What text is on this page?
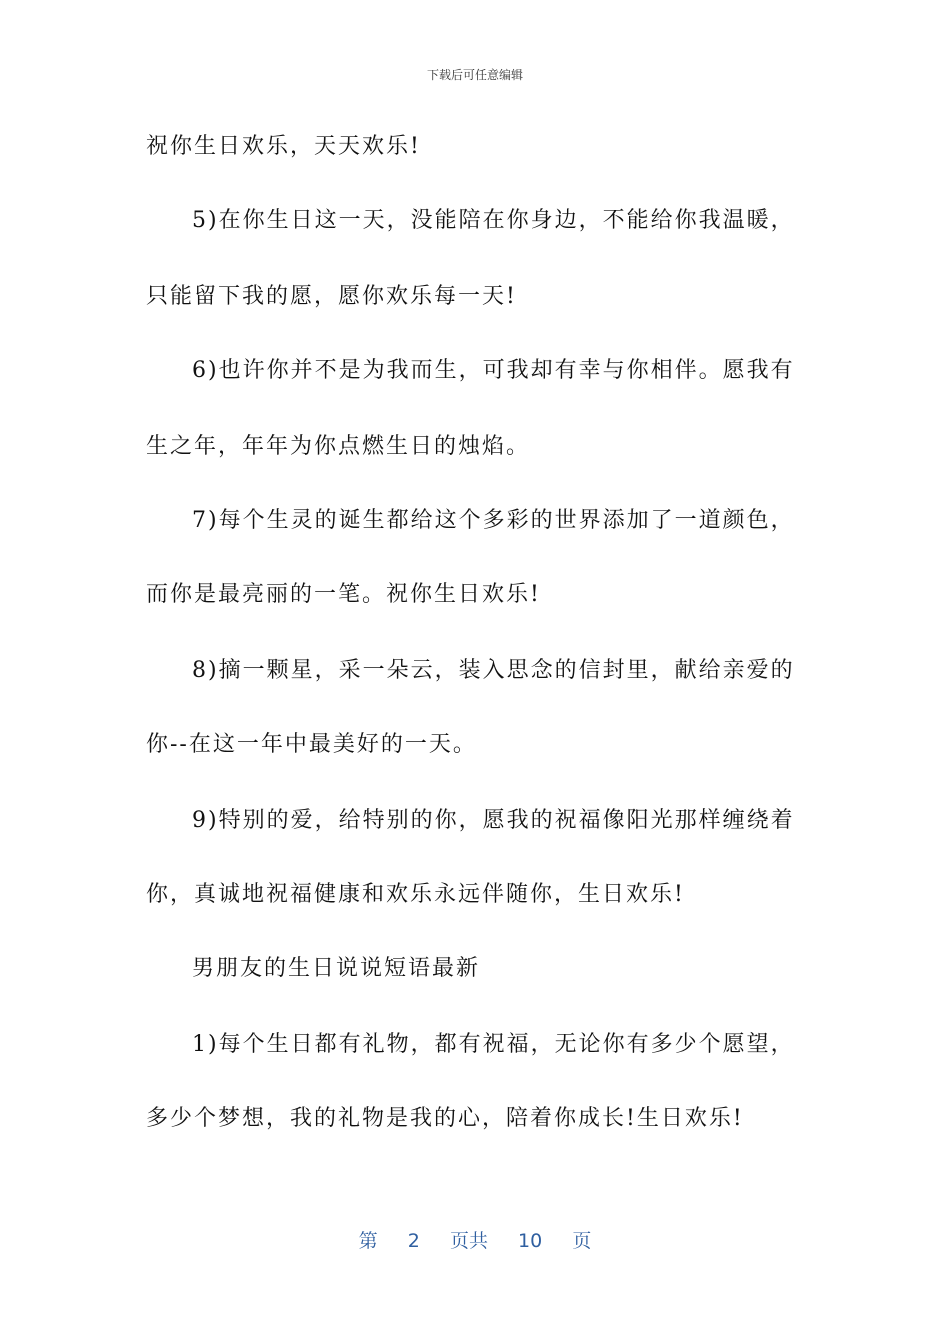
下载后可任意编辑
祝你生日欢乐，天天欢乐!
5)在你生日这一天，没能陪在你身边，不能给你我温暖，
只能留下我的愿，愿你欢乐每一天!
6)也许你并不是为我而生，可我却有幸与你相伴。愿我有
生之年，年年为你点燃生日的烛焰。
7)每个生灵的诞生都给这个多彩的世界添加了一道颜色，
而你是最亮丽的一笔。祝你生日欢乐!
8)摘一颗星，采一朵云，装入思念的信封里，献给亲爱的
你--在这一年中最美好的一天。
9)特别的爱，给特别的你，愿我的祝福像阳光那样缠绕着
你，真诚地祝福健康和欢乐永远伴随你，生日欢乐!
男朋友的生日说说短语最新
1)每个生日都有礼物，都有祝福，无论你有多少个愿望，
多少个梦想，我的礼物是我的心，陪着你成长!生日欢乐!
第 2 页共 10 页
